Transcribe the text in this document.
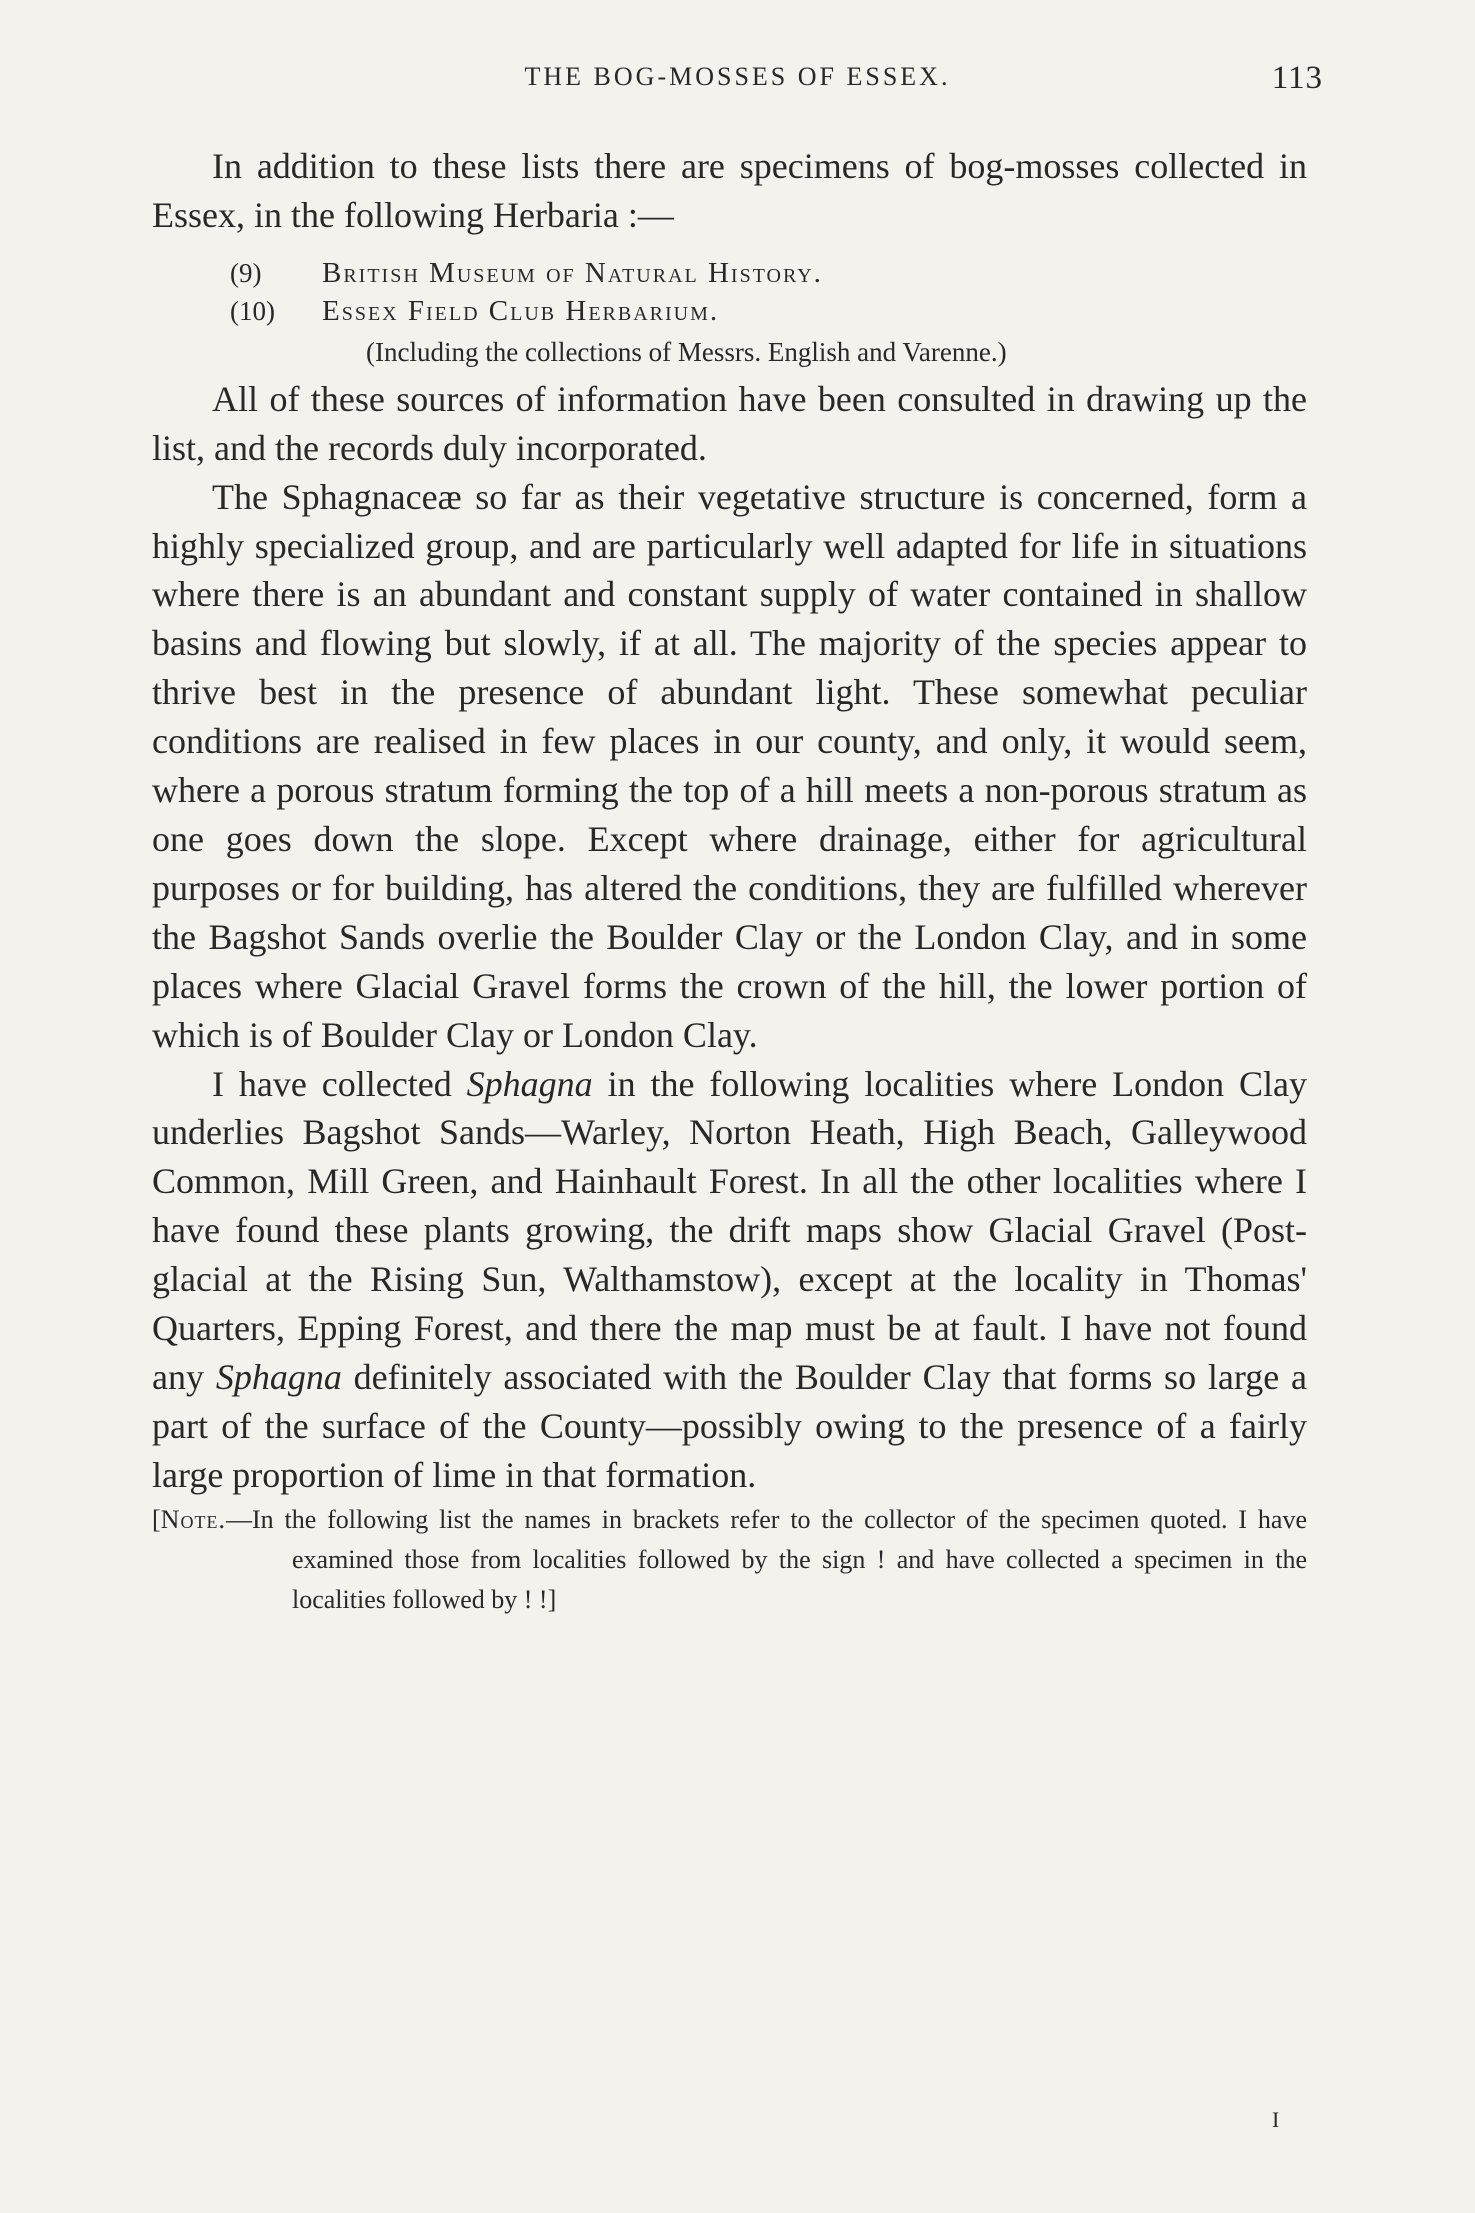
THE BOG-MOSSES OF ESSEX.	113

In addition to these lists there are specimens of bog-mosses collected in Essex, in the following Herbaria :—

(9) British Museum of Natural History.
(10) Essex Field Club Herbarium.
(Including the collections of Messrs. English and Varenne.)

All of these sources of information have been consulted in drawing up the list, and the records duly incorporated.

The Sphagnaceæ so far as their vegetative structure is concerned, form a highly specialized group, and are particularly well adapted for life in situations where there is an abundant and constant supply of water contained in shallow basins and flowing but slowly, if at all. The majority of the species appear to thrive best in the presence of abundant light. These somewhat peculiar conditions are realised in few places in our county, and only, it would seem, where a porous stratum forming the top of a hill meets a non-porous stratum as one goes down the slope. Except where drainage, either for agricultural purposes or for building, has altered the conditions, they are fulfilled wherever the Bagshot Sands overlie the Boulder Clay or the London Clay, and in some places where Glacial Gravel forms the crown of the hill, the lower portion of which is of Boulder Clay or London Clay.

I have collected Sphagna in the following localities where London Clay underlies Bagshot Sands—Warley, Norton Heath, High Beach, Galleywood Common, Mill Green, and Hainhault Forest. In all the other localities where I have found these plants growing, the drift maps show Glacial Gravel (Post-glacial at the Rising Sun, Walthamstow), except at the locality in Thomas' Quarters, Epping Forest, and there the map must be at fault. I have not found any Sphagna definitely associated with the Boulder Clay that forms so large a part of the surface of the County—possibly owing to the presence of a fairly large proportion of lime in that formation.

[Note.—In the following list the names in brackets refer to the collector of the specimen quoted. I have examined those from localities followed by the sign ! and have collected a specimen in the localities followed by ! !]

I
